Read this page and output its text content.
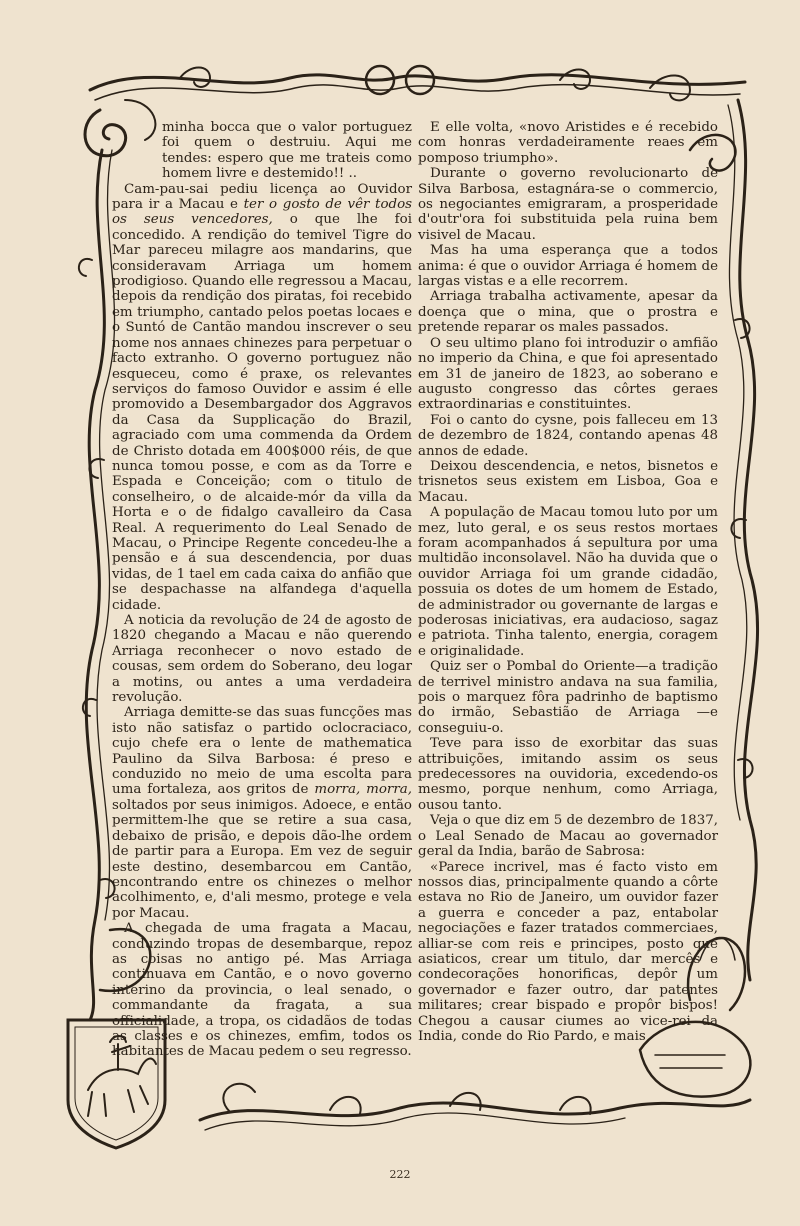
minha bocca que o valor portuguez foi quem o destruiu. Aqui me tendes: espero que me trateis como homem livre e destemido!! ..

Cam-pau-sai pediu licença ao Ouvidor para ir a Macau e ter o gosto de vêr todos os seus vencedores, o que lhe foi concedido. A rendição do temivel Tigre do Mar pareceu milagre aos mandarins, que consideravam Arriaga um homem prodigioso. Quando elle regressou a Macau, depois da rendição dos piratas, foi recebido em triumpho, cantado pelos poetas locaes e o Suntó de Cantão mandou inscrever o seu nome nos annaes chinezes para perpetuar o facto extranho. O governo portuguez não esqueceu, como é praxe, os relevantes serviços do famoso Ouvidor e assim é elle promovido a Desembargador dos Aggravos da Casa da Supplicação do Brazil, agraciado com uma commenda da Ordem de Christo dotada em 400$000 réis, de que nunca tomou posse, e com as da Torre e Espada e Conceição; com o titulo de conselheiro, o de alcaide-mór da villa da Horta e o de fidalgo cavalleiro da Casa Real. A requerimento do Leal Senado de Macau, o Principe Regente concedeu-lhe a pensão e á sua descendencia, por duas vidas, de 1 tael em cada caixa do anfião que se despachasse na alfandega d'aquella cidade.

A noticia da revolução de 24 de agosto de 1820 chegando a Macau e não querendo Arriaga reconhecer o novo estado de cousas, sem ordem do Soberano, deu logar a motins, ou antes a uma verdadeira revolução.

Arriaga demitte-se das suas funcções mas isto não satisfaz o partido oclocraciaco, cujo chefe era o lente de mathematica Paulino da Silva Barbosa: é preso e conduzido no meio de uma escolta para uma fortaleza, aos gritos de morra, morra, soltados por seus inimigos. Adoece, e então permittem-lhe que se retire a sua casa, debaixo de prisão, e depois dão-lhe ordem de partir para a Europa. Em vez de seguir este destino, desembarcou em Cantão, encontrando entre os chinezes o melhor acolhimento, e, d'ali mesmo, protege e vela por Macau.

A chegada de uma fragata a Macau, conduzindo tropas de desembarque, repoz as coisas no antigo pé. Mas Arriaga continuava em Cantão, e o novo governo interino da provincia, o leal senado, o commandante da fragata, a sua officialidade, a tropa, os cidadãos de todas as classes e os chinezes, emfim, todos os habitantes de Macau pedem o seu regresso.

E elle volta, «novo Aristides e é recebido com honras verdadeiramente reaes em pomposo triumpho».

Durante o governo revolucionarto de Silva Barbosa, estagnára-se o commercio, os negociantes emigraram, a prosperidade d'outr'ora foi substituida pela ruina bem visivel de Macau.

Mas ha uma esperança que a todos anima: é que o ouvidor Arriaga é homem de largas vistas e a elle recorrem.

Arriaga trabalha activamente, apesar da doença que o mina, que o prostra e pretende reparar os males passados.

O seu ultimo plano foi introduzir o amfião no imperio da China, e que foi apresentado em 31 de janeiro de 1823, ao soberano e augusto congresso das côrtes geraes extraordinarias e constituintes.

Foi o canto do cysne, pois falleceu em 13 de dezembro de 1824, contando apenas 48 annos de edade.

Deixou descendencia, e netos, bisnetos e trisnetos seus existem em Lisboa, Goa e Macau.

A população de Macau tomou luto por um mez, luto geral, e os seus restos mortaes foram acompanhados á sepultura por uma multidão inconsolavel. Não ha duvida que o ouvidor Arriaga foi um grande cidadão, possuia os dotes de um homem de Estado, de administrador ou governante de largas e poderosas iniciativas, era audacioso, sagaz e patriota. Tinha talento, energia, coragem e originalidade.

Quiz ser o Pombal do Oriente—a tradição de terrivel ministro andava na sua familia, pois o marquez fôra padrinho de baptismo do irmão, Sebastião de Arriaga —e conseguiu-o.

Teve para isso de exorbitar das suas attribuições, imitando assim os seus predecessores na ouvidoria, excedendo-os mesmo, porque nenhum, como Arriaga, ousou tanto.

Veja o que diz em 5 de dezembro de 1837, o Leal Senado de Macau ao governador geral da India, barão de Sabrosa:

«Parece incrivel, mas é facto visto em nossos dias, principalmente quando a côrte estava no Rio de Janeiro, um ouvidor fazer a guerra e conceder a paz, entabolar negociações e fazer tratados commerciaes, alliar-se com reis e principes, posto que asiaticos, crear um titulo, dar mercês e condecorações honorificas, depôr um governador e fazer outro, dar patentes militares; crear bispado e propôr bispos! Chegou a causar ciumes ao vice-rei da India, conde do Rio Pardo, e mais

222
